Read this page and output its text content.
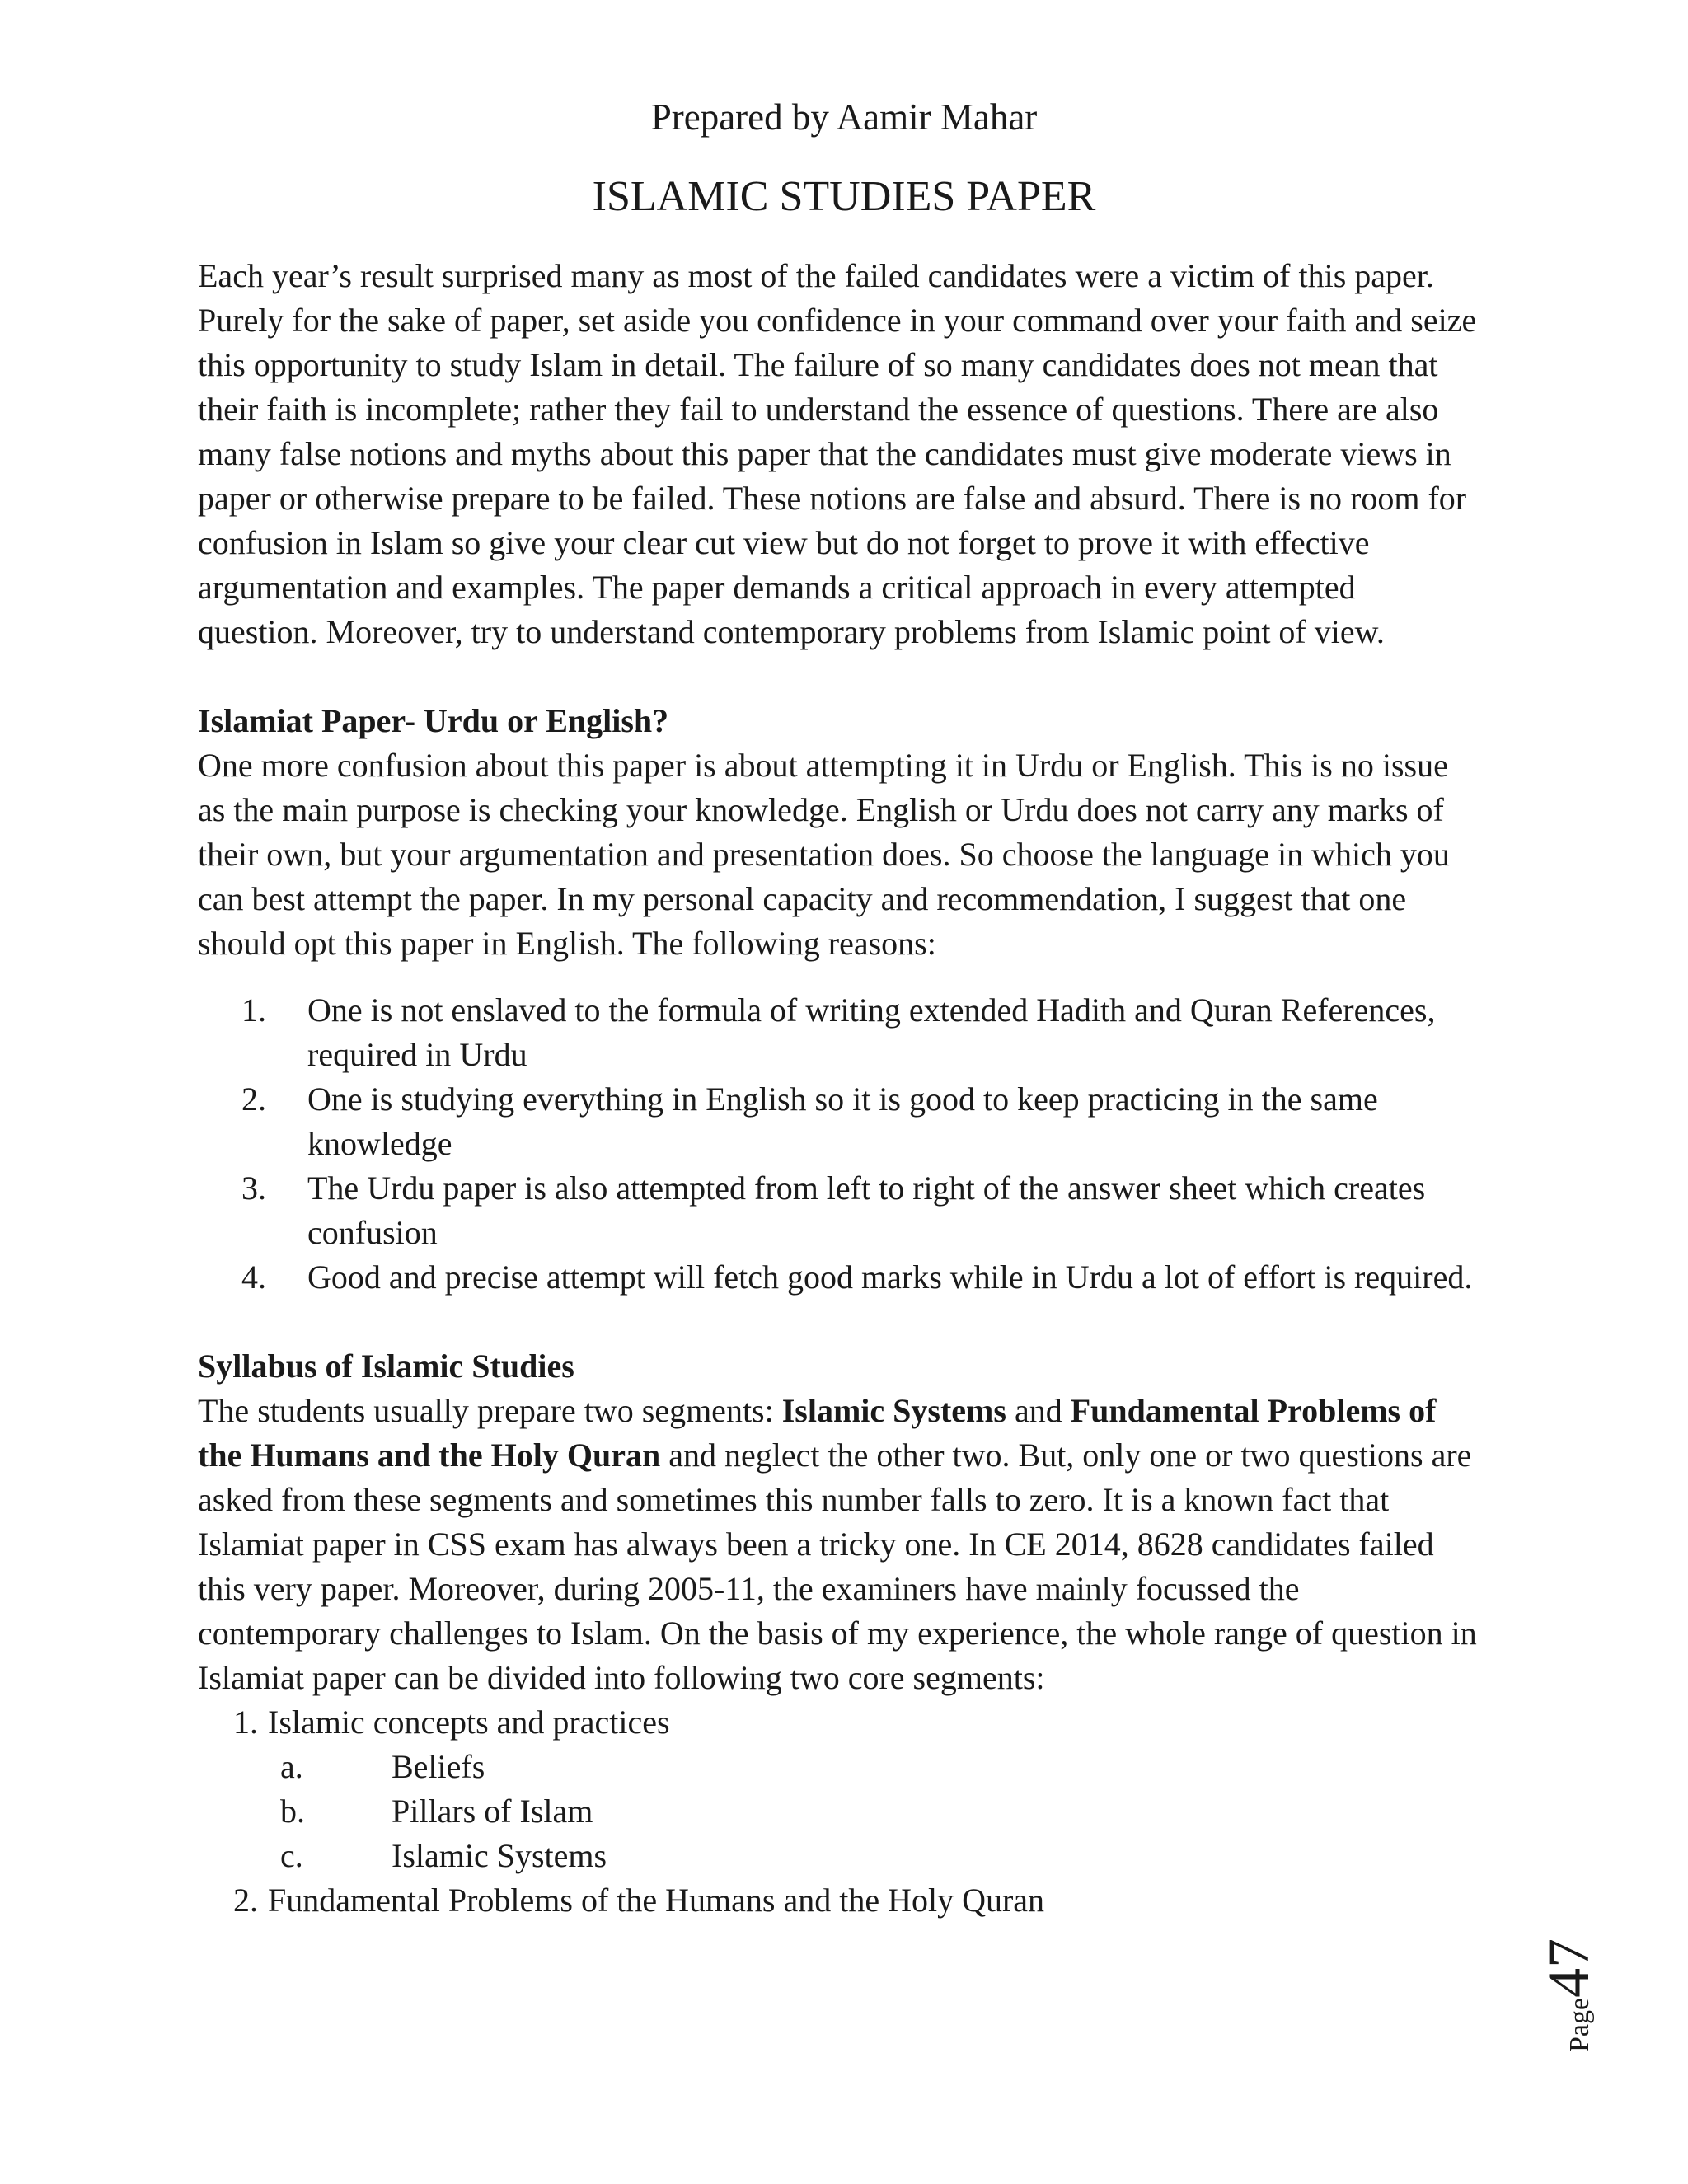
Prepared by Aamir Mahar
ISLAMIC STUDIES PAPER

Each year’s result surprised many as most of the failed candidates were a victim of this paper. Purely for the sake of paper, set aside you confidence in your command over your faith and seize this opportunity to study Islam in detail. The failure of so many candidates does not mean that their faith is incomplete; rather they fail to understand the essence of questions. There are also many false notions and myths about this paper that the candidates must give moderate views in paper or otherwise prepare to be failed. These notions are false and absurd. There is no room for confusion in Islam so give your clear cut view but do not forget to prove it with effective argumentation and examples. The paper demands a critical approach in every attempted question. Moreover, try to understand contemporary problems from Islamic point of view.

Islamiat Paper- Urdu or English?

One more confusion about this paper is about attempting it in Urdu or English. This is no issue as the main purpose is checking your knowledge. English or Urdu does not carry any marks of their own, but your argumentation and presentation does. So choose the language in which you can best attempt the paper. In my personal capacity and recommendation, I suggest that one should opt this paper in English. The following reasons:

1. One is not enslaved to the formula of writing extended Hadith and Quran References, required in Urdu
2. One is studying everything in English so it is good to keep practicing in the same knowledge
3. The Urdu paper is also attempted from left to right of the answer sheet which creates confusion
4. Good and precise attempt will fetch good marks while in Urdu a lot of effort is required.

Syllabus of Islamic Studies

The students usually prepare two segments: Islamic Systems and Fundamental Problems of the Humans and the Holy Quran and neglect the other two. But, only one or two questions are asked from these segments and sometimes this number falls to zero. It is a known fact that Islamiat paper in CSS exam has always been a tricky one. In CE 2014, 8628 candidates failed this very paper. Moreover, during 2005-11, the examiners have mainly focussed the contemporary challenges to Islam. On the basis of my experience, the whole range of question in Islamiat paper can be divided into following two core segments:

1. Islamic concepts and practices
a.	Beliefs
b.	Pillars of Islam
c.	Islamic Systems
2. Fundamental Problems of the Humans and the Holy Quran
Page47
